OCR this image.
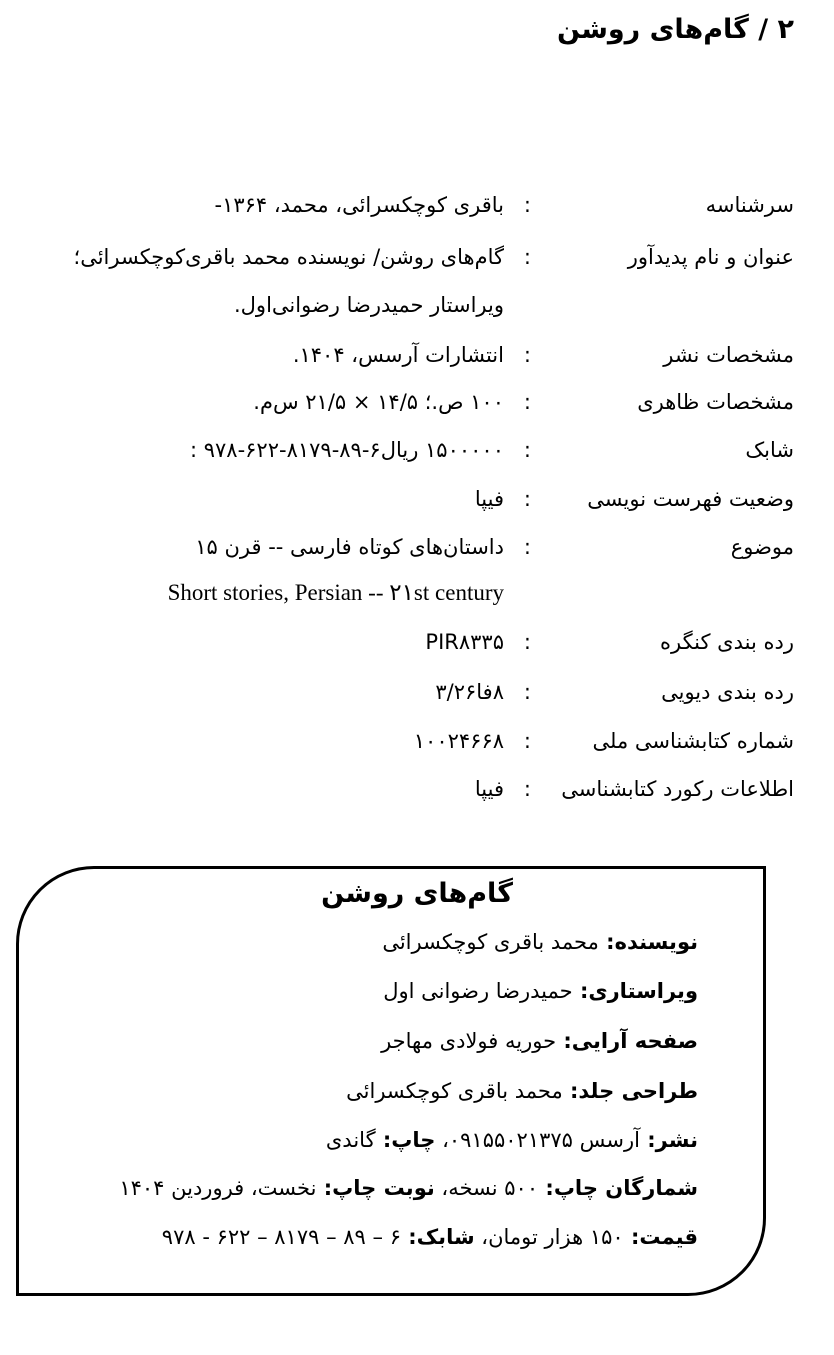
۲ / گام‌های روشن
سرشناسه
:
باقری کوچکسرائی، محمد، ۱۳۶۴-
عنوان و نام پدیدآور
:
گام‌های روشن/ نویسنده محمد باقری‌کوچکسرائی؛
ویراستار حمیدرضا رضوانی‌اول.
مشخصات نشر
:
انتشارات آرسس، ۱۴۰۴.
مشخصات ظاهری
:
۱۰۰ ص.؛ ۱۴/۵ × ۲۱/۵ س‌م.
شابک
:
۱۵۰۰۰۰۰ ریال۶-۸۹-۸۱۷۹-۶۲۲-۹۷۸ :
وضعیت فهرست نویسی
:
فیپا
موضوع
:
داستان‌های کوتاه فارسی -- قرن ۱۵
Short stories, Persian -- ۲۱st century
رده بندی کنگره
:
PIR۸۳۳۵
رده بندی دیویی
:
۸فا۳/۲۶
شماره کتابشناسی ملی
:
۱۰۰۲۴۶۶۸
اطلاعات رکورد کتابشناسی
:
فیپا
گام‌های روشن
نویسنده: محمد باقری کوچکسرائی
ویراستاری: حمیدرضا رضوانی اول
صفحه آرایی: حوریه فولادی مهاجر
طراحی جلد: محمد باقری کوچکسرائی
نشر: آرسس ۰۹۱۵۵۰۲۱۳۷۵، چاپ: گاندی
شمارگان چاپ: ۵۰۰ نسخه، نوبت چاپ: نخست، فروردین ۱۴۰۴
قیمت: ۱۵۰ هزار تومان، شابک: ۶ – ۸۹ – ۸۱۷۹ – ۶۲۲ - ۹۷۸
